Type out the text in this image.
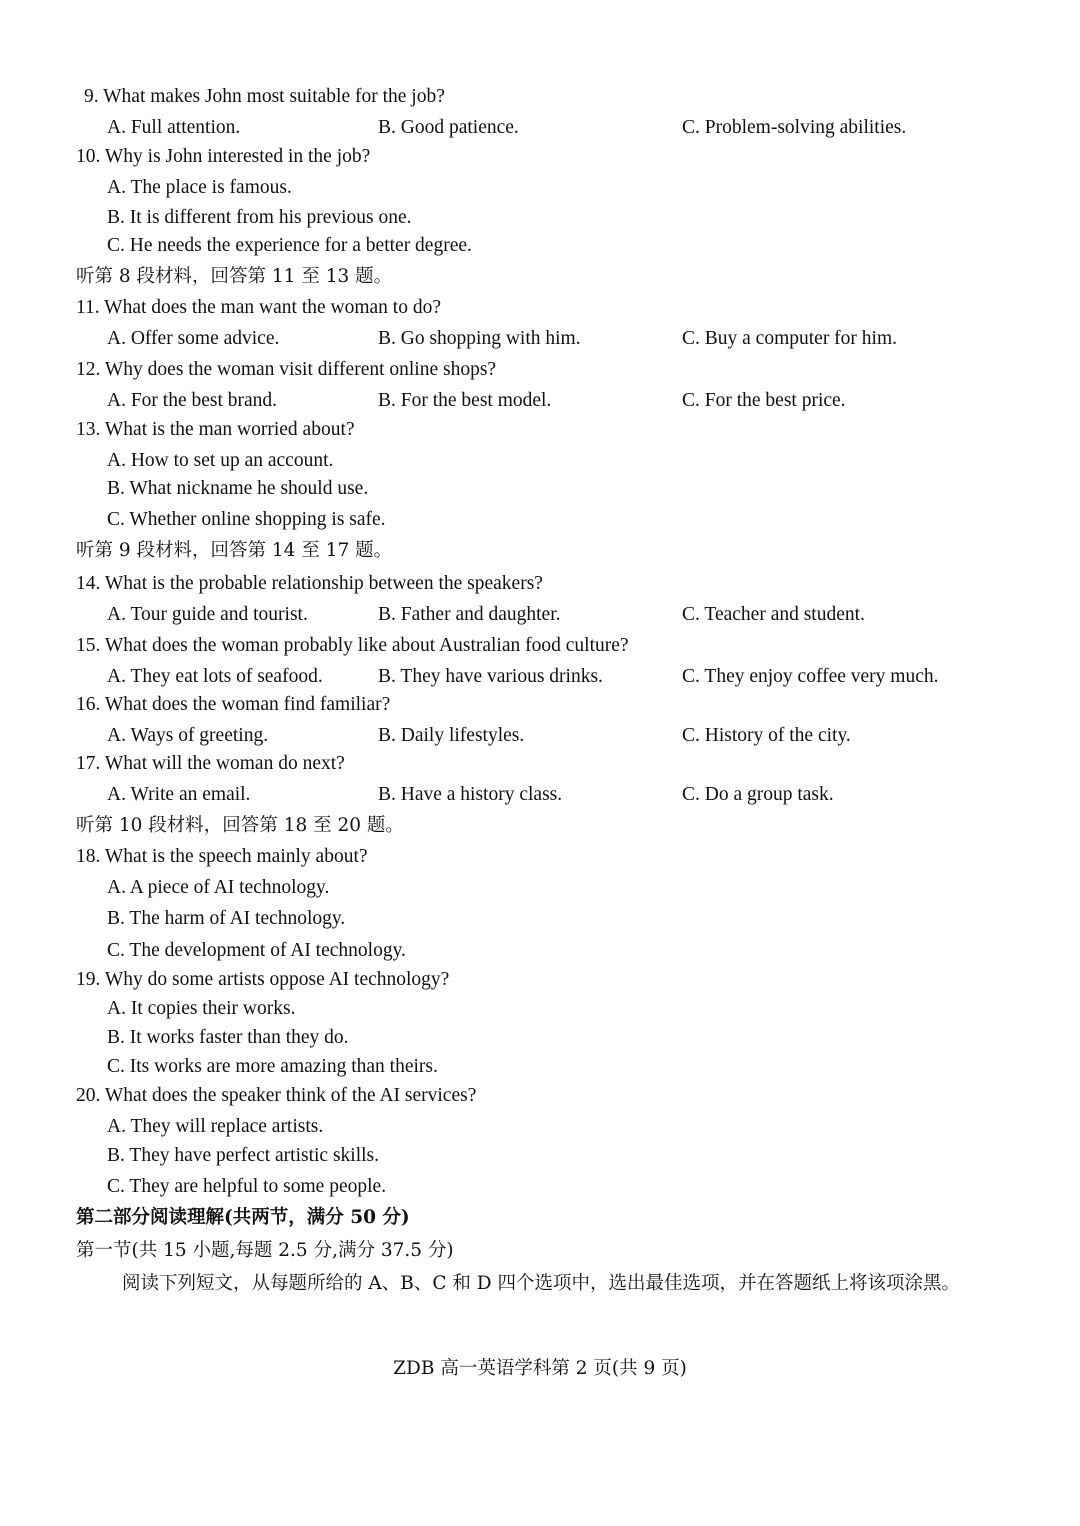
9. What makes John most suitable for the job?
A. Full attention.	B. Good patience.	C. Problem-solving abilities.
10. Why is John interested in the job?
A. The place is famous.
B. It is different from his previous one.
C. He needs the experience for a better degree.
听第 8 段材料，回答第 11 至 13 题。
11. What does the man want the woman to do?
A. Offer some advice.	B. Go shopping with him.	C. Buy a computer for him.
12. Why does the woman visit different online shops?
A. For the best brand.	B. For the best model.	C. For the best price.
13. What is the man worried about?
A. How to set up an account.
B. What nickname he should use.
C. Whether online shopping is safe.
听第 9 段材料，回答第 14 至 17 题。
14. What is the probable relationship between the speakers?
A. Tour guide and tourist.	B. Father and daughter.	C. Teacher and student.
15. What does the woman probably like about Australian food culture?
A. They eat lots of seafood.	B. They have various drinks.	C. They enjoy coffee very much.
16. What does the woman find familiar?
A. Ways of greeting.	B. Daily lifestyles.	C. History of the city.
17. What will the woman do next?
A. Write an email.	B. Have a history class.	C. Do a group task.
听第 10 段材料，回答第 18 至 20 题。
18. What is the speech mainly about?
A. A piece of AI technology.
B. The harm of AI technology.
C. The development of AI technology.
19. Why do some artists oppose AI technology?
A. It copies their works.
B. It works faster than they do.
C. Its works are more amazing than theirs.
20. What does the speaker think of the AI services?
A. They will replace artists.
B. They have perfect artistic skills.
C. They are helpful to some people.
第二部分阅读理解(共两节，满分 50 分)
第一节(共 15 小题,每题 2.5 分,满分 37.5 分)
阅读下列短文，从每题所给的 A、B、C 和 D 四个选项中，选出最佳选项，并在答题纸上将该项涂黑。
ZDB 高一英语学科第 2 页(共 9 页)
